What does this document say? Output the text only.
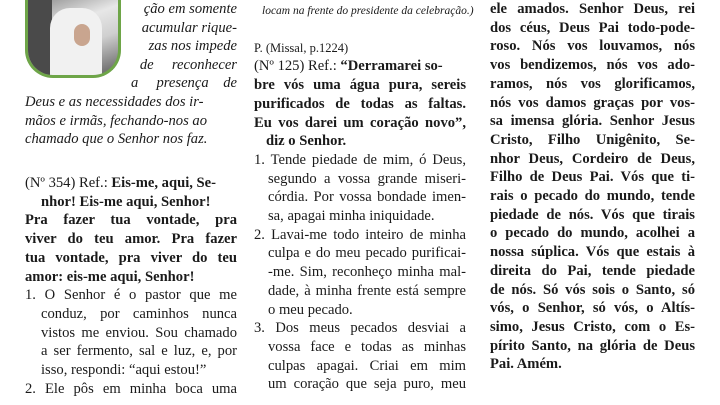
ção em somente
acumular rique-
zas nos impede
de     reconhecer
a     presença    de
Deus e as necessidades dos ir-
mãos e irmãs, fechando-nos ao
chamado que o Senhor nos faz.
(Nº 354) Ref.: Eis-me, aqui, Se-
nhor! Eis-me aqui, Senhor!
Pra fazer tua vontade, pra
viver do teu amor. Pra fazer
tua vontade, pra viver do teu
amor: eis-me aqui, Senhor!
1. O Senhor é o pastor que me
conduz, por caminhos nunca
vistos me enviou. Sou chamado
a ser fermento, sal e luz, e, por
isso, respondi: “aqui estou!”
2. Ele pôs em minha boca uma
locam na frente do presidente da celebração.)
P. (Missal, p.1224)
(Nº 125) Ref.: “Derramarei so-
bre vós uma água pura, sereis
purificados de todas as faltas.
Eu vos darei um coração novo”,
diz o Senhor.
1. Tende piedade de mim, ó Deus,
segundo a vossa grande miseri-
córdia. Por vossa bondade imen-
sa, apagai minha iniquidade.
2. Lavai-me todo inteiro de minha
culpa e do meu pecado purificai-
-me. Sim, reconheço minha mal-
dade, à minha frente está sempre
o meu pecado.
3. Dos meus pecados desviai a
vossa face e todas as minhas
culpas apagai. Criai em mim
um coração que seja puro, meu
ele amados. Senhor Deus, rei
dos céus, Deus Pai todo-pode-
roso. Nós vos louvamos, nós
vos bendizemos, nós vos ado-
ramos, nós vos glorificamos,
nós vos damos graças por vos-
sa imensa glória. Senhor Jesus
Cristo, Filho Unigênito, Se-
nhor Deus, Cordeiro de Deus,
Filho de Deus Pai. Vós que ti-
rais o pecado do mundo, tende
piedade de nós. Vós que tirais
o pecado do mundo, acolhei a
nossa súplica. Vós que estais à
direita do Pai, tende piedade
de nós. Só vós sois o Santo, só
vós, o Senhor, só vós, o Altís-
simo, Jesus Cristo, com o Es-
pírito Santo, na glória de Deus
Pai. Amém.
